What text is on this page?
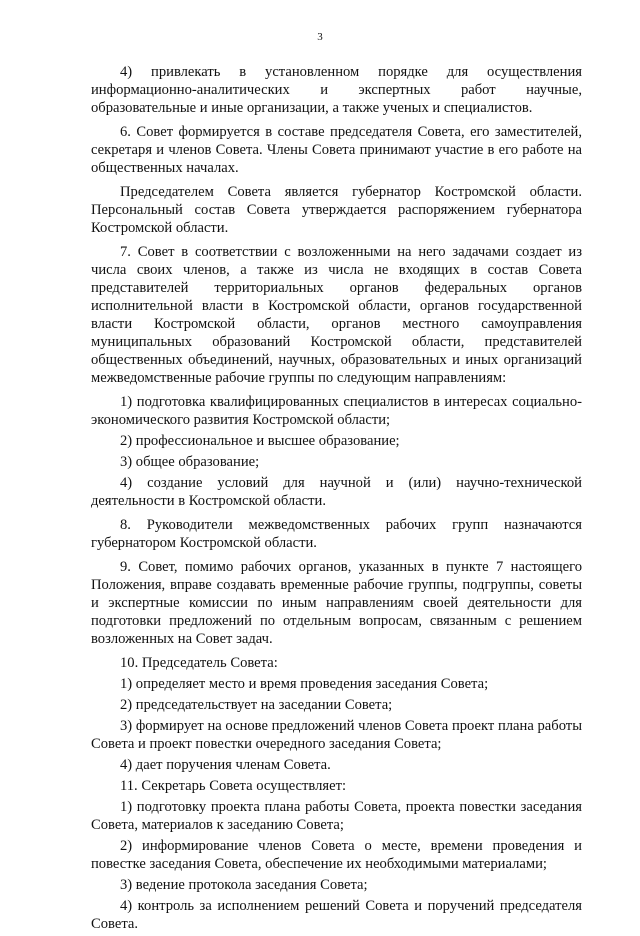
3

4) привлекать в установленном порядке для осуществления информационно-аналитических и экспертных работ научные, образовательные и иные организации, а также ученых и специалистов.

6. Совет формируется в составе председателя Совета, его заместителей, секретаря и членов Совета. Члены Совета принимают участие в его работе на общественных началах.

Председателем Совета является губернатор Костромской области. Персональный состав Совета утверждается распоряжением губернатора Костромской области.

7. Совет в соответствии с возложенными на него задачами создает из числа своих членов, а также из числа не входящих в состав Совета представителей территориальных органов федеральных органов исполнительной власти в Костромской области, органов государственной власти Костромской области, органов местного самоуправления муниципальных образований Костромской области, представителей общественных объединений, научных, образовательных и иных организаций межведомственные рабочие группы по следующим направлениям:

1) подготовка квалифицированных специалистов в интересах социально-экономического развития Костромской области;

2) профессиональное и высшее образование;

3) общее образование;

4) создание условий для научной и (или) научно-технической деятельности в Костромской области.

8. Руководители межведомственных рабочих групп назначаются губернатором Костромской области.

9. Совет, помимо рабочих органов, указанных в пункте 7 настоящего Положения, вправе создавать временные рабочие группы, подгруппы, советы и экспертные комиссии по иным направлениям своей деятельности для подготовки предложений по отдельным вопросам, связанным с решением возложенных на Совет задач.

10. Председатель Совета:

1) определяет место и время проведения заседания Совета;

2) председательствует на заседании Совета;

3) формирует на основе предложений членов Совета проект плана работы Совета и проект повестки очередного заседания Совета;

4) дает поручения членам Совета.

11. Секретарь Совета осуществляет:

1) подготовку проекта плана работы Совета, проекта повестки заседания Совета, материалов к заседанию Совета;

2) информирование членов Совета о месте, времени проведения и повестке заседания Совета, обеспечение их необходимыми материалами;

3) ведение протокола заседания Совета;

4) контроль за исполнением решений Совета и поручений председателя Совета.
